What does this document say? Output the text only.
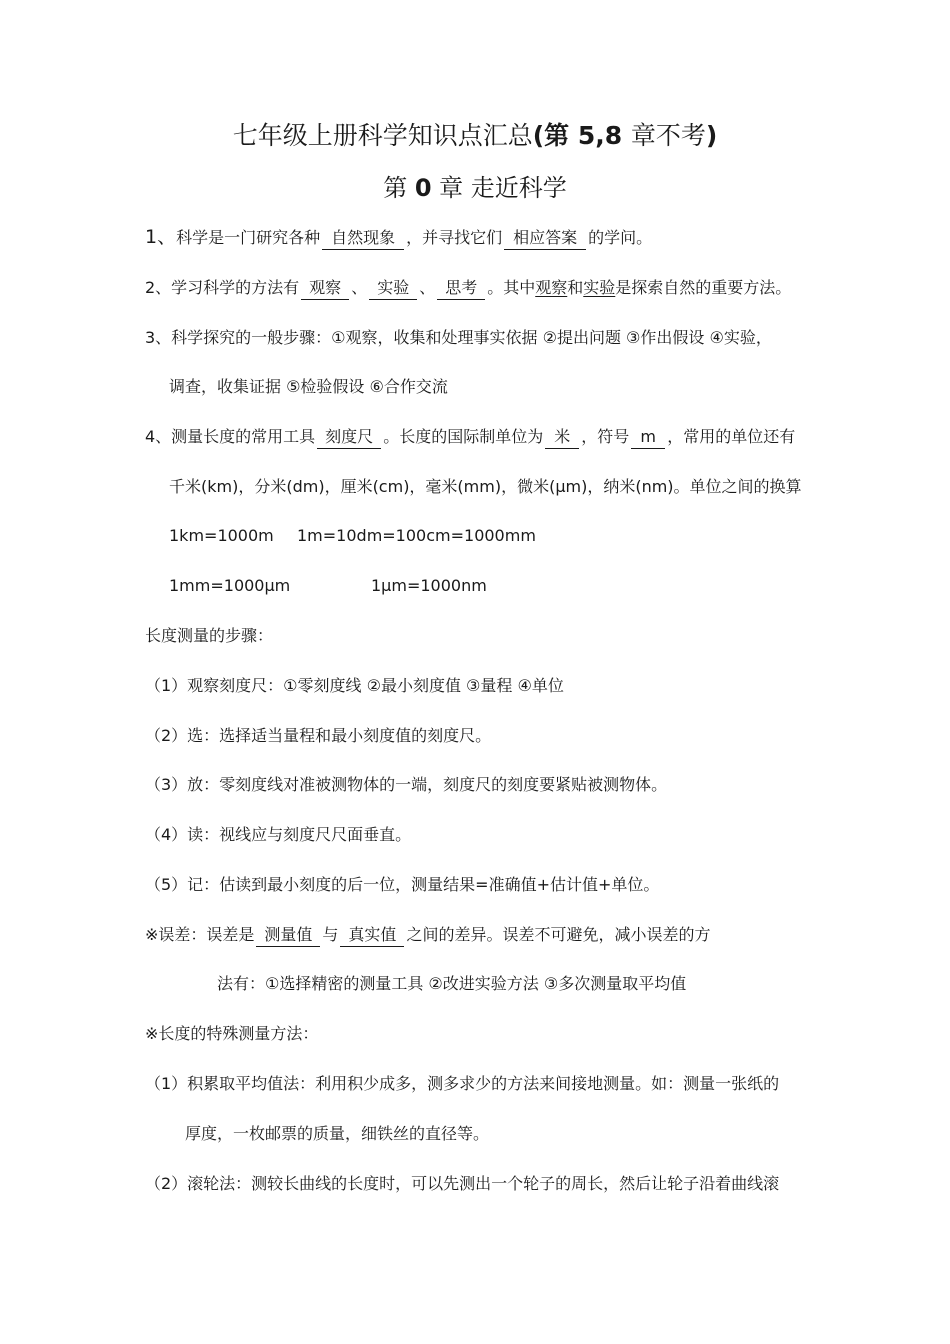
七年级上册科学知识点汇总(第 5,8 章不考)
第 0 章 走近科学
1、科学是一门研究各种 自然现象 ，并寻找它们 相应答案 的学问。
2、学习科学的方法有 观察 、 实验 、 思考 。其中观察和实验是探索自然的重要方法。
3、科学探究的一般步骤：①观察，收集和处理事实依据 ②提出问题 ③作出假设 ④实验，
调查，收集证据 ⑤检验假设 ⑥合作交流
4、测量长度的常用工具 刻度尺 。长度的国际制单位为 米 ，符号 m ，常用的单位还有
千米(km)，分米(dm)，厘米(cm)，毫米(mm)，微米(μm)，纳米(nm)。单位之间的换算
1km=1000m 1m=10dm=100cm=1000mm
1mm=1000μm	1μm=1000nm
长度测量的步骤：
（1）观察刻度尺：①零刻度线 ②最小刻度值 ③量程 ④单位
（2）选：选择适当量程和最小刻度值的刻度尺。
（3）放：零刻度线对准被测物体的一端，刻度尺的刻度要紧贴被测物体。
（4）读：视线应与刻度尺尺面垂直。
（5）记：估读到最小刻度的后一位，测量结果=准确值+估计值+单位。
※误差：误差是 测量值 与 真实值 之间的差异。误差不可避免，减小误差的方
法有：①选择精密的测量工具 ②改进实验方法 ③多次测量取平均值
※长度的特殊测量方法：
（1）积累取平均值法：利用积少成多，测多求少的方法来间接地测量。如：测量一张纸的
厚度，一枚邮票的质量，细铁丝的直径等。
（2）滚轮法：测较长曲线的长度时，可以先测出一个轮子的周长，然后让轮子沿着曲线滚
